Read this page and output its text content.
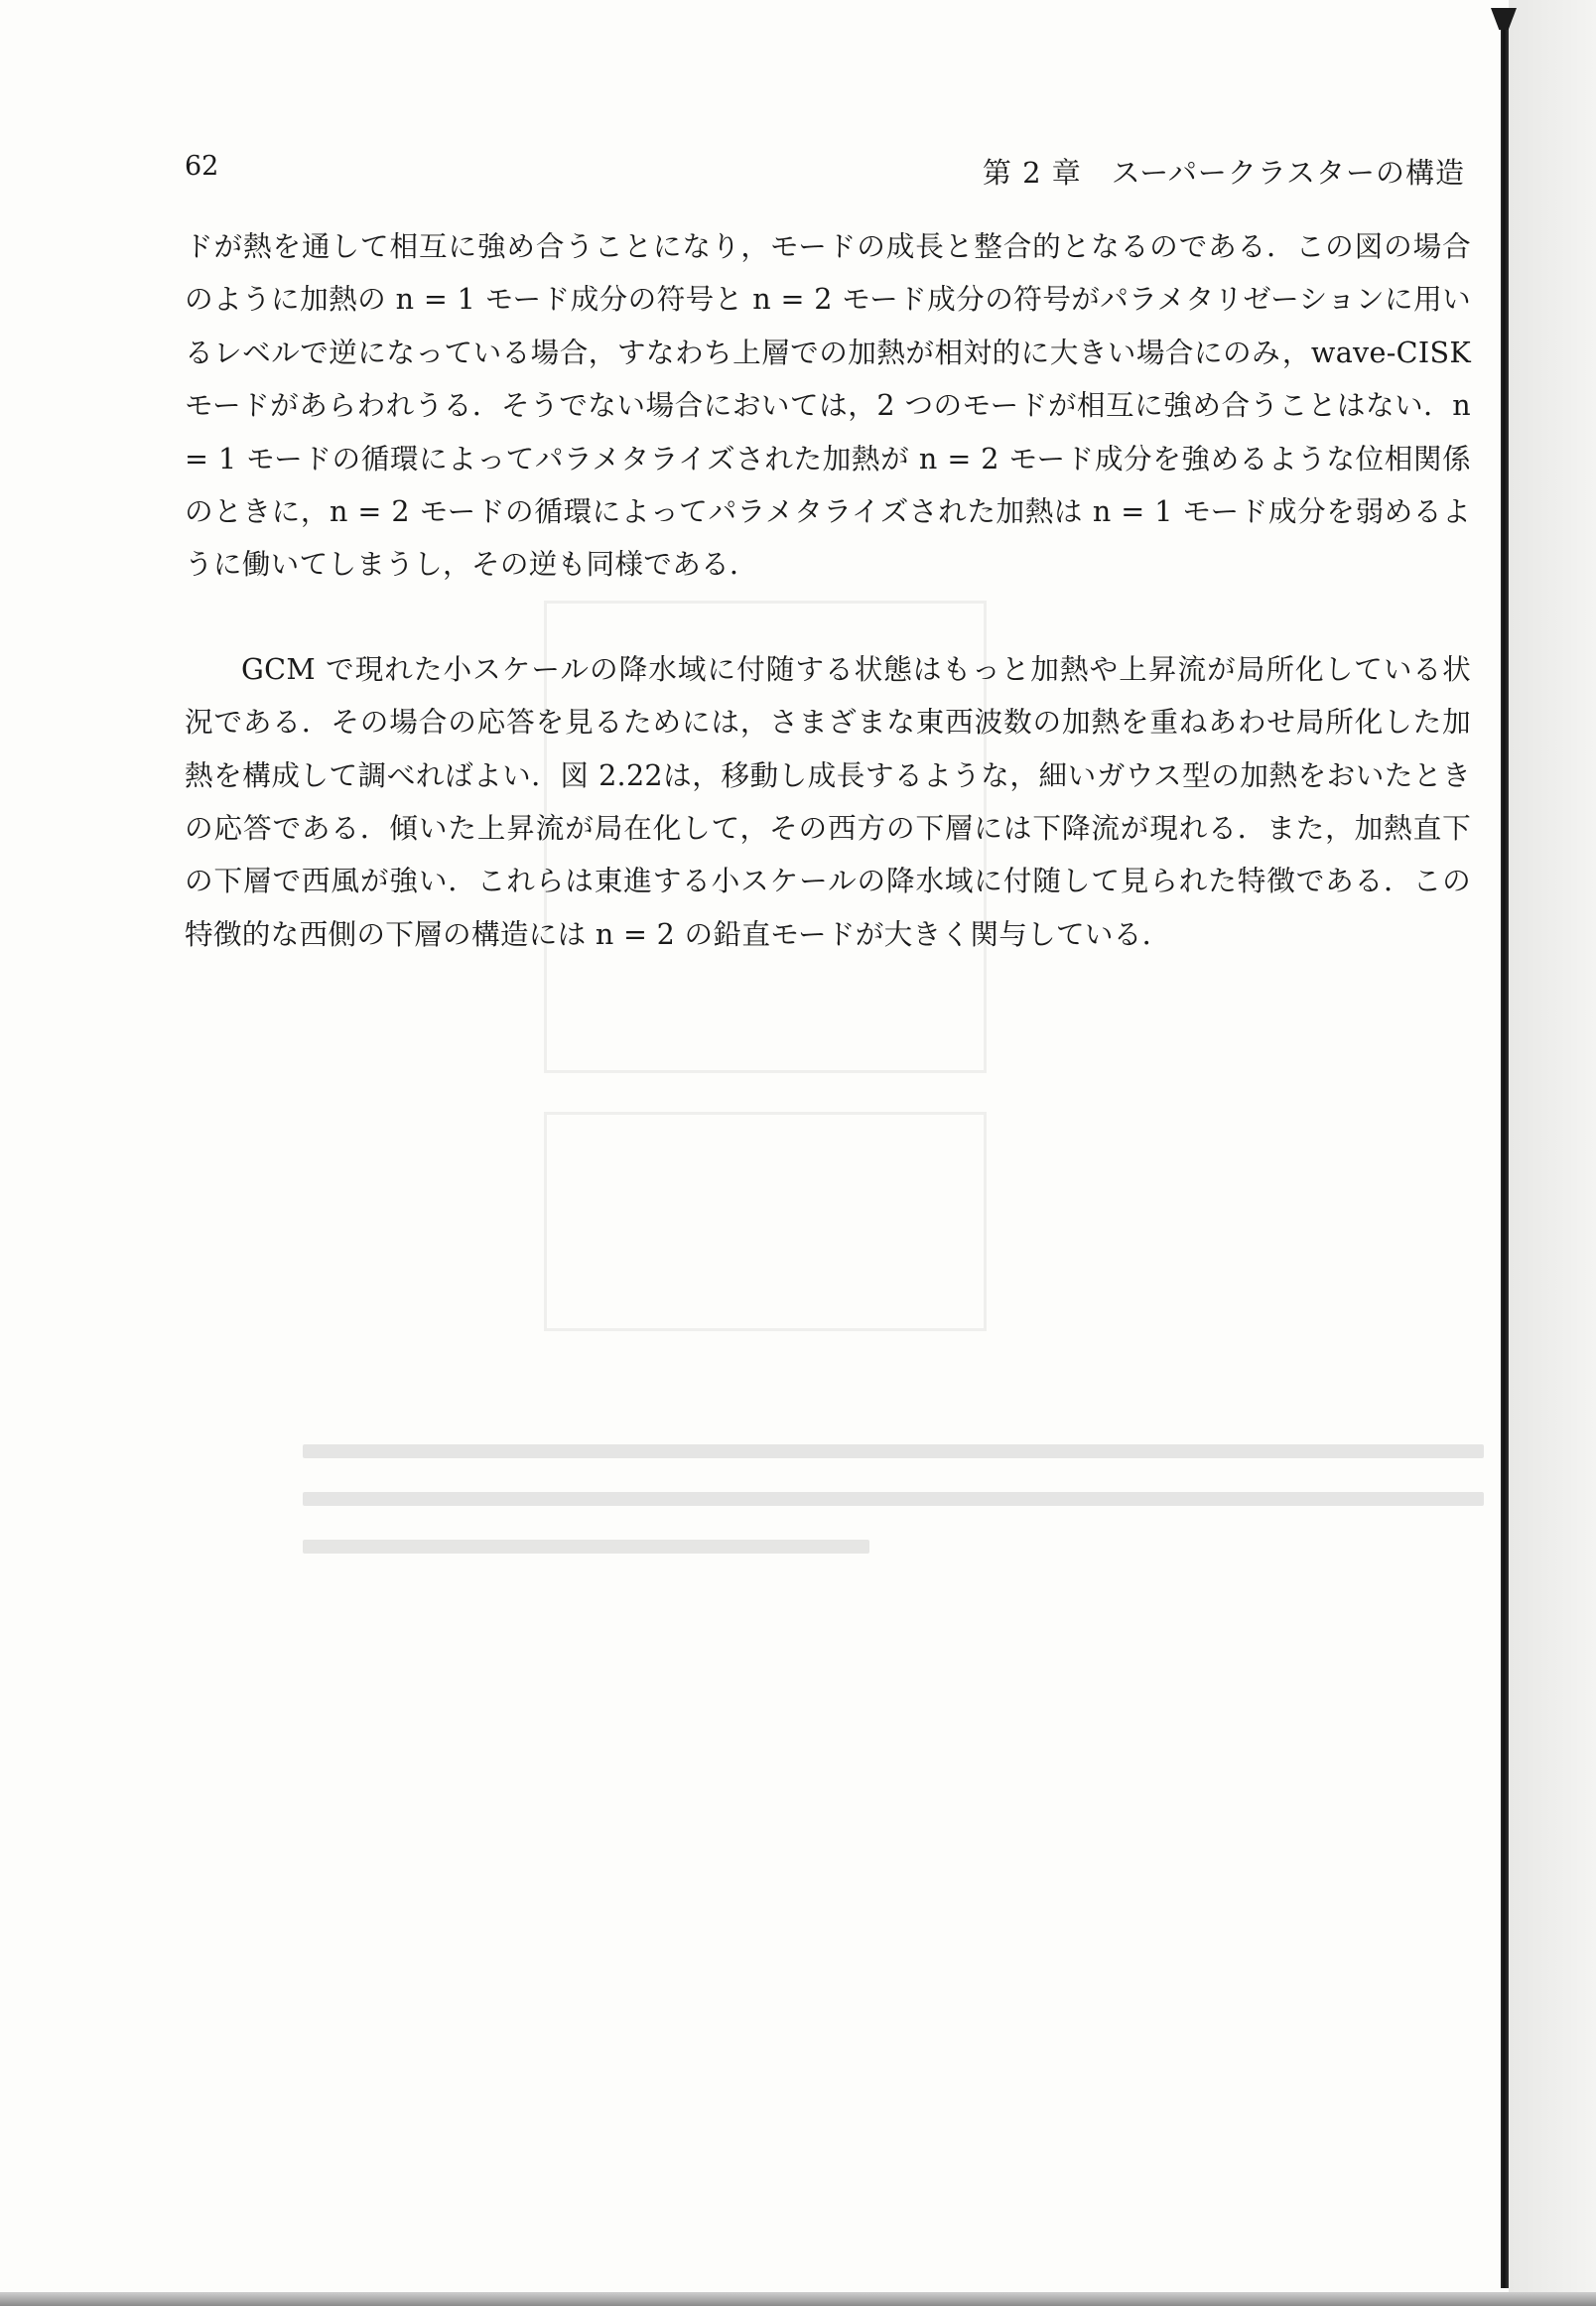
62	第 2 章　スーパークラスターの構造

ドが熱を通して相互に強め合うことになり，モードの成長と整合的となるのである．この図の場合のように加熱の n = 1 モード成分の符号と n = 2 モード成分の符号がパラメタリゼーションに用いるレベルで逆になっている場合，すなわち上層での加熱が相対的に大きい場合にのみ，wave-CISK モードがあらわれうる．そうでない場合においては，2 つのモードが相互に強め合うことはない．n = 1 モードの循環によってパラメタライズされた加熱が n = 2 モード成分を強めるような位相関係のときに，n = 2 モードの循環によってパラメタライズされた加熱は n = 1 モード成分を弱めるように働いてしまうし，その逆も同様である．

GCM で現れた小スケールの降水域に付随する状態はもっと加熱や上昇流が局所化している状況である．その場合の応答を見るためには，さまざまな東西波数の加熱を重ねあわせ局所化した加熱を構成して調べればよい．図 2.22は，移動し成長するような，細いガウス型の加熱をおいたときの応答である．傾いた上昇流が局在化して，その西方の下層には下降流が現れる．また，加熱直下の下層で西風が強い．これらは東進する小スケールの降水域に付随して見られた特徴である．この特徴的な西側の下層の構造には n = 2 の鉛直モードが大きく関与している．
